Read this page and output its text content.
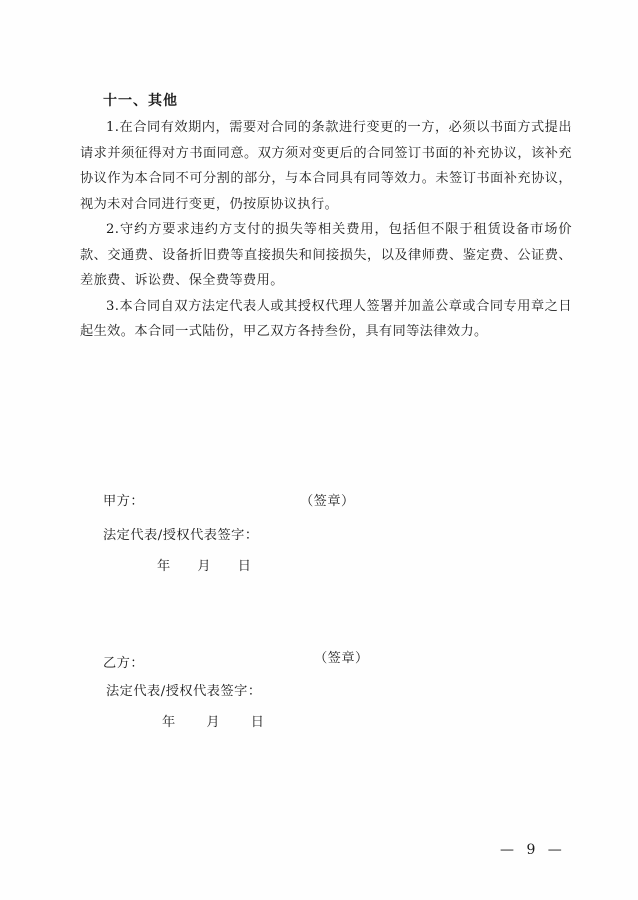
十一、其他

1.在合同有效期内，需要对合同的条款进行变更的一方，必须以书面方式提出请求并须征得对方书面同意。双方须对变更后的合同签订书面的补充协议，该补充协议作为本合同不可分割的部分，与本合同具有同等效力。未签订书面补充协议，视为未对合同进行变更，仍按原协议执行。

2.守约方要求违约方支付的损失等相关费用，包括但不限于租赁设备市场价款、交通费、设备折旧费等直接损失和间接损失，以及律师费、鉴定费、公证费、差旅费、诉讼费、保全费等费用。

3.本合同自双方法定代表人或其授权代理人签署并加盖公章或合同专用章之日起生效。本合同一式陆份，甲乙双方各持叁份，具有同等法律效力。

甲方：	（签章）
法定代表/授权代表签字：
年 月 日
乙方：	（签章）
法定代表/授权代表签字：
年 月 日
— 9 —
